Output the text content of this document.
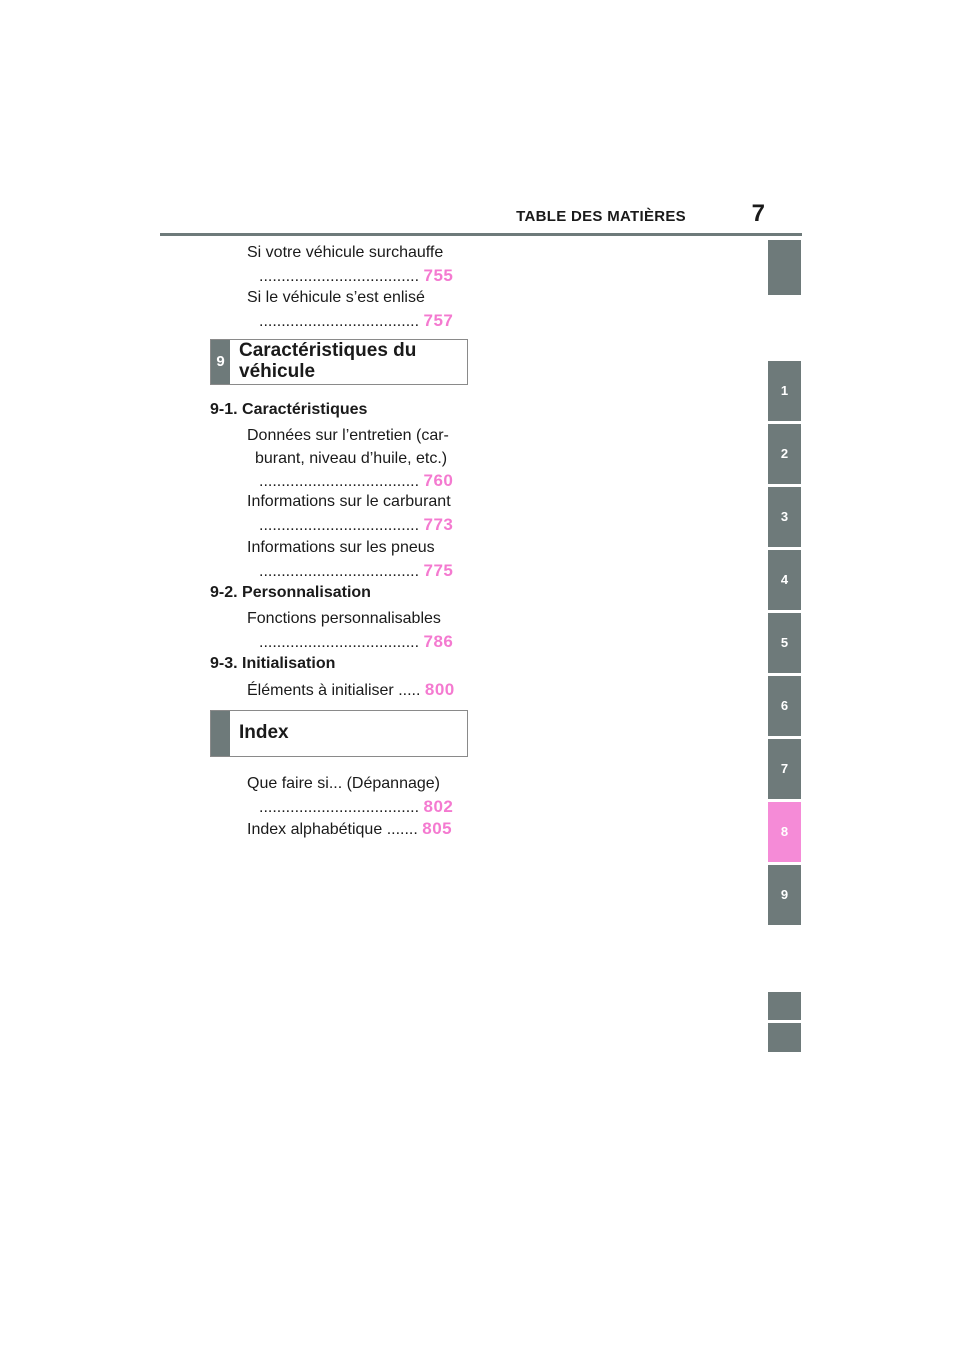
TABLE DES MATIÈRES	7
Si votre véhicule surchauffe
.................................... 755
Si le véhicule s’est enlisé
.................................... 757
9
Caractéristiques du
véhicule
9-1. Caractéristiques
Données sur l’entretien (car-
burant, niveau d’huile, etc.)
.................................... 760
Informations sur le carburant
.................................... 773
Informations sur les pneus
.................................... 775
9-2. Personnalisation
Fonctions personnalisables
.................................... 786
9-3. Initialisation
Éléments à initialiser ..... 800
Index
Que faire si... (Dépannage)
.................................... 802
Index alphabétique ....... 805
1
2
3
4
5
6
7
8
9
